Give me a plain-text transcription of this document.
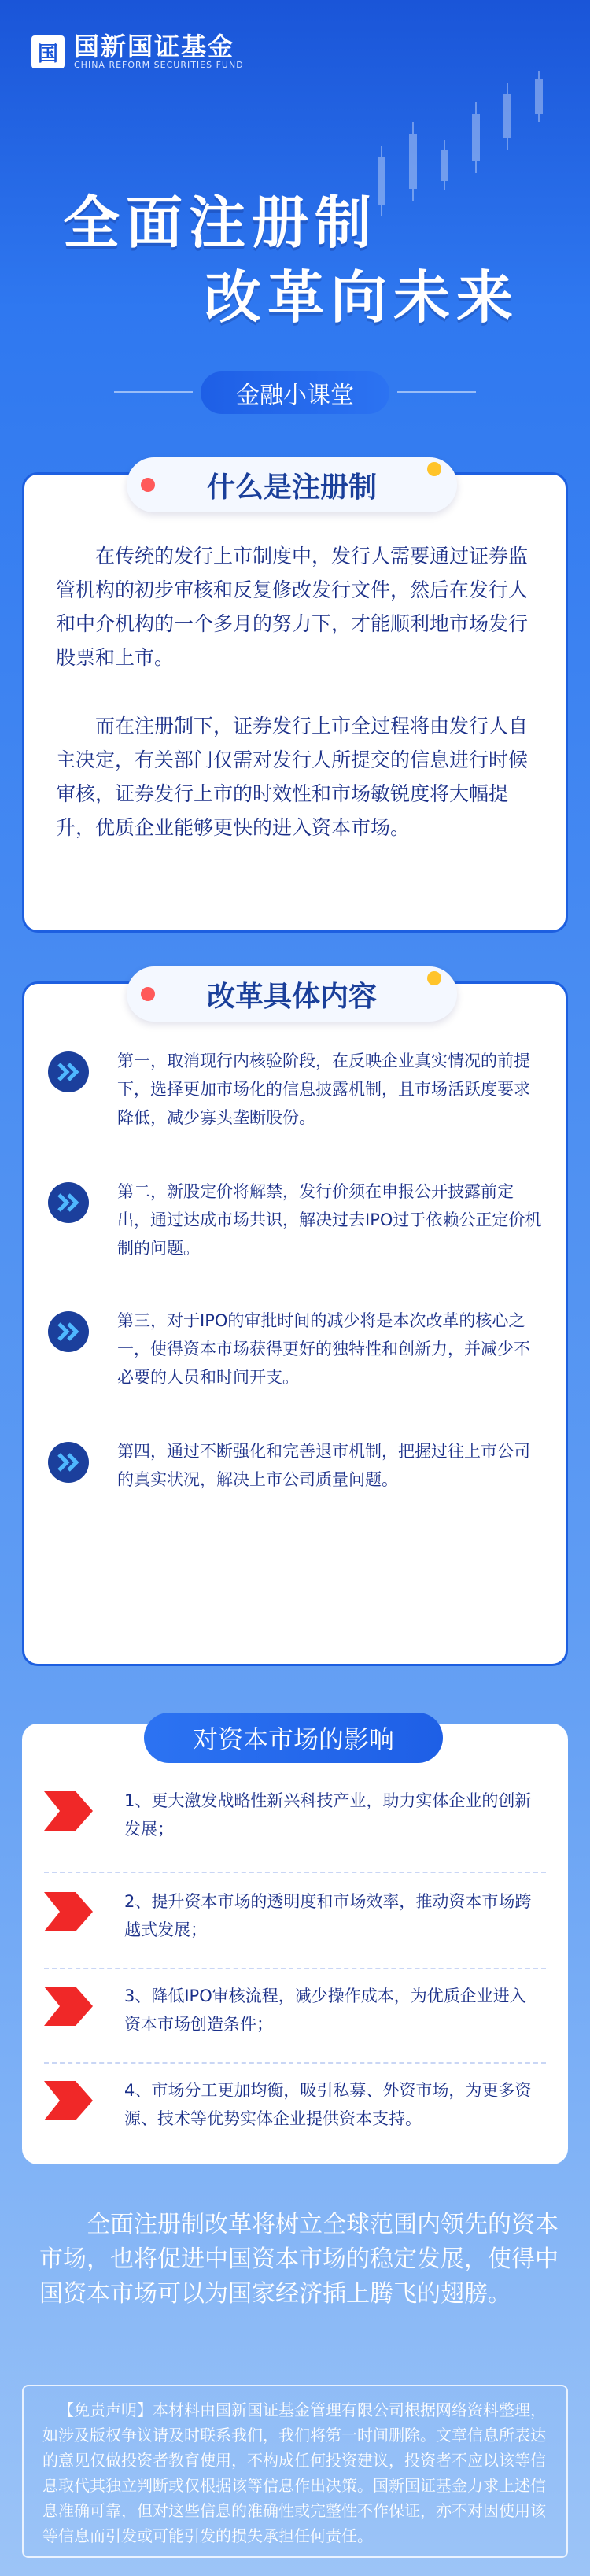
国 国新国证基金
CHINA REFORM SECURITIES FUND
全面注册制
改革向未来
金融小课堂
什么是注册制
在传统的发行上市制度中，发行人需要通过证券监管机构的初步审核和反复修改发行文件，然后在发行人和中介机构的一个多月的努力下，才能顺利地市场发行股票和上市。
而在注册制下，证券发行上市全过程将由发行人自主决定，有关部门仅需对发行人所提交的信息进行时候审核，证券发行上市的时效性和市场敏锐度将大幅提升，优质企业能够更快的进入资本市场。
改革具体内容
第一，取消现行内核验阶段，在反映企业真实情况的前提下，选择更加市场化的信息披露机制，且市场活跃度要求降低，减少寡头垄断股份。
第二，新股定价将解禁，发行价须在申报公开披露前定出，通过达成市场共识，解决过去IPO过于依赖公正定价机制的问题。
第三，对于IPO的审批时间的减少将是本次改革的核心之一，使得资本市场获得更好的独特性和创新力，并减少不必要的人员和时间开支。
第四，通过不断强化和完善退市机制，把握过往上市公司的真实状况，解决上市公司质量问题。
对资本市场的影响
1、更大激发战略性新兴科技产业，助力实体企业的创新发展；
2、提升资本市场的透明度和市场效率，推动资本市场跨越式发展；
3、降低IPO审核流程，减少操作成本，为优质企业进入资本市场创造条件；
4、市场分工更加均衡，吸引私募、外资市场，为更多资源、技术等优势实体企业提供资本支持。
全面注册制改革将树立全球范围内领先的资本市场，也将促进中国资本市场的稳定发展，使得中国资本市场可以为国家经济插上腾飞的翅膀。
【免责声明】本材料由国新国证基金管理有限公司根据网络资料整理，如涉及版权争议请及时联系我们，我们将第一时间删除。文章信息所表达的意见仅做投资者教育使用，不构成任何投资建议，投资者不应以该等信息取代其独立判断或仅根据该等信息作出决策。国新国证基金力求上述信息准确可靠，但对这些信息的准确性或完整性不作保证，亦不对因使用该等信息而引发或可能引发的损失承担任何责任。
